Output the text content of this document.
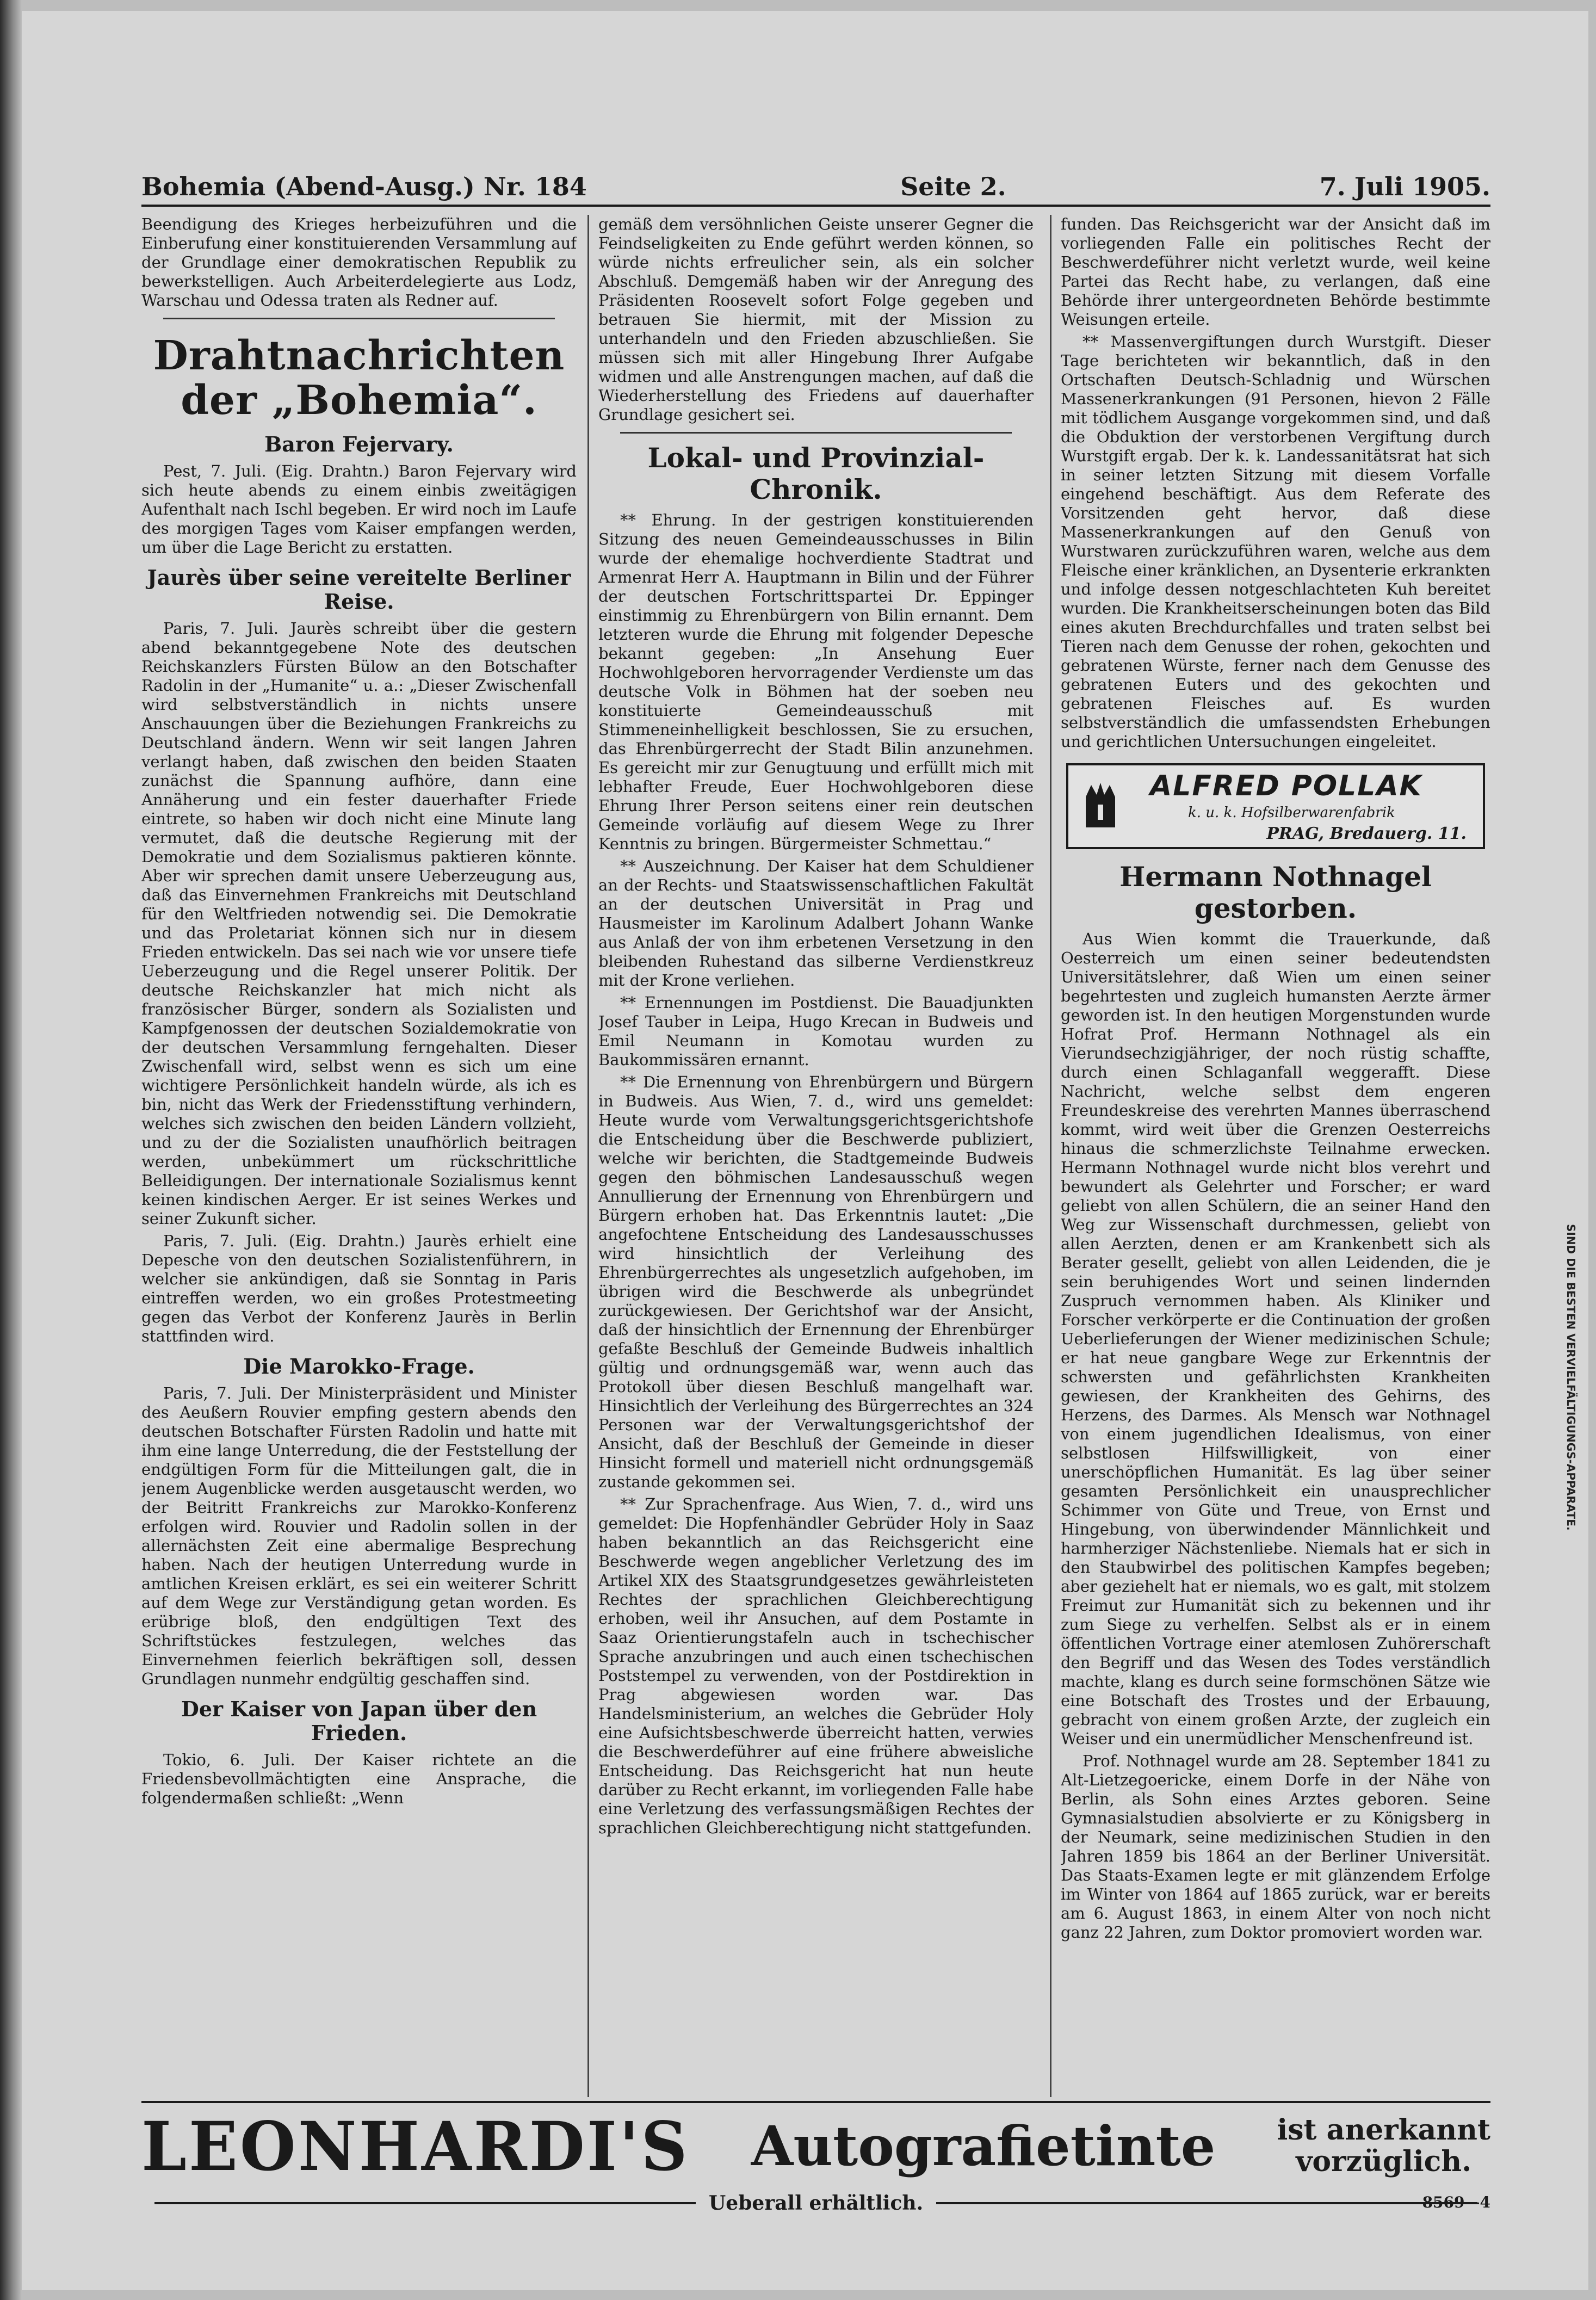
Bohemia (Abend-Ausg.) Nr. 184	Seite 2.	7. Juli 1905.

Beendigung des Krieges herbeizuführen und die Einberufung einer konstituierenden Versammlung auf der Grundlage einer demokratischen Republik zu bewerkstelligen. Auch Arbeiterdelegierte aus Lodz, Warschau und Odessa traten als Redner auf.

Drahtnachrichten der „Bohemia“.
Baron Fejervary.

Pest, 7. Juli. (Eig. Drahtn.) Baron Fejervary wird sich heute abends zu einem einbis zweitägigen Aufenthalt nach Ischl begeben. Er wird noch im Laufe des morgigen Tages vom Kaiser empfangen werden, um über die Lage Bericht zu erstatten.

Jaurès über seine vereitelte Berliner Reise.

Paris, 7. Juli. Jaurès schreibt über die gestern abend bekanntgegebene Note des deutschen Reichskanzlers Fürsten Bülow an den Botschafter Radolin in der „Humanite“ u. a.: „Dieser Zwischenfall wird selbstverständlich in nichts unsere Anschauungen über die Beziehungen Frankreichs zu Deutschland ändern. Wenn wir seit langen Jahren verlangt haben, daß zwischen den beiden Staaten zunächst die Spannung aufhöre, dann eine Annäherung und ein fester dauerhafter Friede eintrete, so haben wir doch nicht eine Minute lang vermutet, daß die deutsche Regierung mit der Demokratie und dem Sozialismus paktieren könnte. Aber wir sprechen damit unsere Ueberzeugung aus, daß das Einvernehmen Frankreichs mit Deutschland für den Weltfrieden notwendig sei. Die Demokratie und das Proletariat können sich nur in diesem Frieden entwickeln. Das sei nach wie vor unsere tiefe Ueberzeugung und die Regel unserer Politik. Der deutsche Reichskanzler hat mich nicht als französischer Bürger, sondern als Sozialisten und Kampfgenossen der deutschen Sozialdemokratie von der deutschen Versammlung ferngehalten. Dieser Zwischenfall wird, selbst wenn es sich um eine wichtigere Persönlichkeit handeln würde, als ich es bin, nicht das Werk der Friedensstiftung verhindern, welches sich zwischen den beiden Ländern vollzieht, und zu der die Sozialisten unaufhörlich beitragen werden, unbekümmert um rückschrittliche Belleidigungen. Der internationale Sozialismus kennt keinen kindischen Aerger. Er ist seines Werkes und seiner Zukunft sicher.

Paris, 7. Juli. (Eig. Drahtn.) Jaurès erhielt eine Depesche von den deutschen Sozialistenführern, in welcher sie ankündigen, daß sie Sonntag in Paris eintreffen werden, wo ein großes Protestmeeting gegen das Verbot der Konferenz Jaurès in Berlin stattfinden wird.

Die Marokko-Frage.

Paris, 7. Juli. Der Ministerpräsident und Minister des Aeußern Rouvier empfing gestern abends den deutschen Botschafter Fürsten Radolin und hatte mit ihm eine lange Unterredung, die der Feststellung der endgültigen Form für die Mitteilungen galt, die in jenem Augenblicke werden ausgetauscht werden, wo der Beitritt Frankreichs zur Marokko-Konferenz erfolgen wird. Rouvier und Radolin sollen in der allernächsten Zeit eine abermalige Besprechung haben. Nach der heutigen Unterredung wurde in amtlichen Kreisen erklärt, es sei ein weiterer Schritt auf dem Wege zur Verständigung getan worden. Es erübrige bloß, den endgültigen Text des Schriftstückes festzulegen, welches das Einvernehmen feierlich bekräftigen soll, dessen Grundlagen nunmehr endgültig geschaffen sind.

Der Kaiser von Japan über den Frieden.

Tokio, 6. Juli. Der Kaiser richtete an die Friedensbevollmächtigten eine Ansprache, die folgendermaßen schließt: „Wenn

gemäß dem versöhnlichen Geiste unserer Gegner die Feindseligkeiten zu Ende geführt werden können, so würde nichts erfreulicher sein, als ein solcher Abschluß. Demgemäß haben wir der Anregung des Präsidenten Roosevelt sofort Folge gegeben und betrauen Sie hiermit, mit der Mission zu unterhandeln und den Frieden abzuschließen. Sie müssen sich mit aller Hingebung Ihrer Aufgabe widmen und alle Anstrengungen machen, auf daß die Wiederherstellung des Friedens auf dauerhafter Grundlage gesichert sei.

Lokal- und Provinzial-Chronik.

** Ehrung. In der gestrigen konstituierenden Sitzung des neuen Gemeindeausschusses in Bilin wurde der ehemalige hochverdiente Stadtrat und Armenrat Herr A. Hauptmann in Bilin und der Führer der deutschen Fortschrittspartei Dr. Eppinger einstimmig zu Ehrenbürgern von Bilin ernannt. Dem letzteren wurde die Ehrung mit folgender Depesche bekannt gegeben: „In Ansehung Euer Hochwohlgeboren hervorragender Verdienste um das deutsche Volk in Böhmen hat der soeben neu konstituierte Gemeindeausschuß mit Stimmeneinhelligkeit beschlossen, Sie zu ersuchen, das Ehrenbürgerrecht der Stadt Bilin anzunehmen. Es gereicht mir zur Genugtuung und erfüllt mich mit lebhafter Freude, Euer Hochwohlgeboren diese Ehrung Ihrer Person seitens einer rein deutschen Gemeinde vorläufig auf diesem Wege zu Ihrer Kenntnis zu bringen. Bürgermeister Schmettau.“

** Auszeichnung. Der Kaiser hat dem Schuldiener an der Rechts- und Staatswissenschaftlichen Fakultät an der deutschen Universität in Prag und Hausmeister im Karolinum Adalbert Johann Wanke aus Anlaß der von ihm erbetenen Versetzung in den bleibenden Ruhestand das silberne Verdienstkreuz mit der Krone verliehen.

** Ernennungen im Postdienst. Die Bauadjunkten Josef Tauber in Leipa, Hugo Krecan in Budweis und Emil Neumann in Komotau wurden zu Baukommissären ernannt.

** Die Ernennung von Ehrenbürgern und Bürgern in Budweis. Aus Wien, 7. d., wird uns gemeldet: Heute wurde vom Verwaltungsgerichtsgerichtshofe die Entscheidung über die Beschwerde publiziert, welche wir berichten, die Stadtgemeinde Budweis gegen den böhmischen Landesausschuß wegen Annullierung der Ernennung von Ehrenbürgern und Bürgern erhoben hat. Das Erkenntnis lautet: „Die angefochtene Entscheidung des Landesausschusses wird hinsichtlich der Verleihung des Ehrenbürgerrechtes als ungesetzlich aufgehoben, im übrigen wird die Beschwerde als unbegründet zurückgewiesen. Der Gerichtshof war der Ansicht, daß der hinsichtlich der Ernennung der Ehrenbürger gefaßte Beschluß der Gemeinde Budweis inhaltlich gültig und ordnungsgemäß war, wenn auch das Protokoll über diesen Beschluß mangelhaft war. Hinsichtlich der Verleihung des Bürgerrechtes an 324 Personen war der Verwaltungsgerichtshof der Ansicht, daß der Beschluß der Gemeinde in dieser Hinsicht formell und materiell nicht ordnungsgemäß zustande gekommen sei.

** Zur Sprachenfrage. Aus Wien, 7. d., wird uns gemeldet: Die Hopfenhändler Gebrüder Holy in Saaz haben bekanntlich an das Reichsgericht eine Beschwerde wegen angeblicher Verletzung des im Artikel XIX des Staatsgrundgesetzes gewährleisteten Rechtes der sprachlichen Gleichberechtigung erhoben, weil ihr Ansuchen, auf dem Postamte in Saaz Orientierungstafeln auch in tschechischer Sprache anzubringen und auch einen tschechischen Poststempel zu verwenden, von der Postdirektion in Prag abgewiesen worden war. Das Handelsministerium, an welches die Gebrüder Holy eine Aufsichtsbeschwerde überreicht hatten, verwies die Beschwerdeführer auf eine frühere abweisliche Entscheidung. Das Reichsgericht hat nun heute darüber zu Recht erkannt, im vorliegenden Falle habe eine Verletzung des verfassungsmäßigen Rechtes der sprachlichen Gleichberechtigung nicht stattgefunden.

funden. Das Reichsgericht war der Ansicht daß im vorliegenden Falle ein politisches Recht der Beschwerdeführer nicht verletzt wurde, weil keine Partei das Recht habe, zu verlangen, daß eine Behörde ihrer untergeordneten Behörde bestimmte Weisungen erteile.

** Massenvergiftungen durch Wurstgift. Dieser Tage berichteten wir bekanntlich, daß in den Ortschaften Deutsch-Schladnig und Würschen Massenerkrankungen (91 Personen, hievon 2 Fälle mit tödlichem Ausgange vorgekommen sind, und daß die Obduktion der verstorbenen Vergiftung durch Wurstgift ergab. Der k. k. Landessanitätsrat hat sich in seiner letzten Sitzung mit diesem Vorfalle eingehend beschäftigt. Aus dem Referate des Vorsitzenden geht hervor, daß diese Massenerkrankungen auf den Genuß von Wurstwaren zurückzuführen waren, welche aus dem Fleische einer kränklichen, an Dysenterie erkrankten und infolge dessen notgeschlachteten Kuh bereitet wurden. Die Krankheitserscheinungen boten das Bild eines akuten Brechdurchfalles und traten selbst bei Tieren nach dem Genusse der rohen, gekochten und gebratenen Würste, ferner nach dem Genusse des gebratenen Euters und des gekochten und gebratenen Fleisches auf. Es wurden selbstverständlich die umfassendsten Erhebungen und gerichtlichen Untersuchungen eingeleitet.

ALFRED POLLAK
k. u. k. Hofsilberwarenfabrik
PRAG, Bredauerg. 11.
Hermann Nothnagel gestorben.

Aus Wien kommt die Trauerkunde, daß Oesterreich um einen seiner bedeutendsten Universitätslehrer, daß Wien um einen seiner begehrtesten und zugleich humansten Aerzte ärmer geworden ist. In den heutigen Morgenstunden wurde Hofrat Prof. Hermann Nothnagel als ein Vierundsechzigjähriger, der noch rüstig schaffte, durch einen Schlaganfall weggerafft. Diese Nachricht, welche selbst dem engeren Freundeskreise des verehrten Mannes überraschend kommt, wird weit über die Grenzen Oesterreichs hinaus die schmerzlichste Teilnahme erwecken. Hermann Nothnagel wurde nicht blos verehrt und bewundert als Gelehrter und Forscher; er ward geliebt von allen Schülern, die an seiner Hand den Weg zur Wissenschaft durchmessen, geliebt von allen Aerzten, denen er am Krankenbett sich als Berater gesellt, geliebt von allen Leidenden, die je sein beruhigendes Wort und seinen lindernden Zuspruch vernommen haben. Als Kliniker und Forscher verkörperte er die Continuation der großen Ueberlieferungen der Wiener medizinischen Schule; er hat neue gangbare Wege zur Erkenntnis der schwersten und gefährlichsten Krankheiten gewiesen, der Krankheiten des Gehirns, des Herzens, des Darmes. Als Mensch war Nothnagel von einem jugendlichen Idealismus, von einer selbstlosen Hilfswilligkeit, von einer unerschöpflichen Humanität. Es lag über seiner gesamten Persönlichkeit ein unausprechlicher Schimmer von Güte und Treue, von Ernst und Hingebung, von überwindender Männlichkeit und harmherziger Nächstenliebe. Niemals hat er sich in den Staubwirbel des politischen Kampfes begeben; aber geziehelt hat er niemals, wo es galt, mit stolzem Freimut zur Humanität sich zu bekennen und ihr zum Siege zu verhelfen. Selbst als er in einem öffentlichen Vortrage einer atemlosen Zuhörerschaft den Begriff und das Wesen des Todes verständlich machte, klang es durch seine formschönen Sätze wie eine Botschaft des Trostes und der Erbauung, gebracht von einem großen Arzte, der zugleich ein Weiser und ein unermüdlicher Menschenfreund ist.

Prof. Nothnagel wurde am 28. September 1841 zu Alt-Lietzegoericke, einem Dorfe in der Nähe von Berlin, als Sohn eines Arztes geboren. Seine Gymnasialstudien absolvierte er zu Königsberg in der Neumark, seine medizinischen Studien in den Jahren 1859 bis 1864 an der Berliner Universität. Das Staats-Examen legte er mit glänzendem Erfolge im Winter von 1864 auf 1865 zurück, war er bereits am 6. August 1863, in einem Alter von noch nicht ganz 22 Jahren, zum Doktor promoviert worden war.

SIND DIE BESTEN VERVIELFÄLTIGUNGS-APPARATE.
LEONHARDI'S Autografietinte ist anerkannt
vorzüglich.
Ueberall erhältlich.	8569—4
